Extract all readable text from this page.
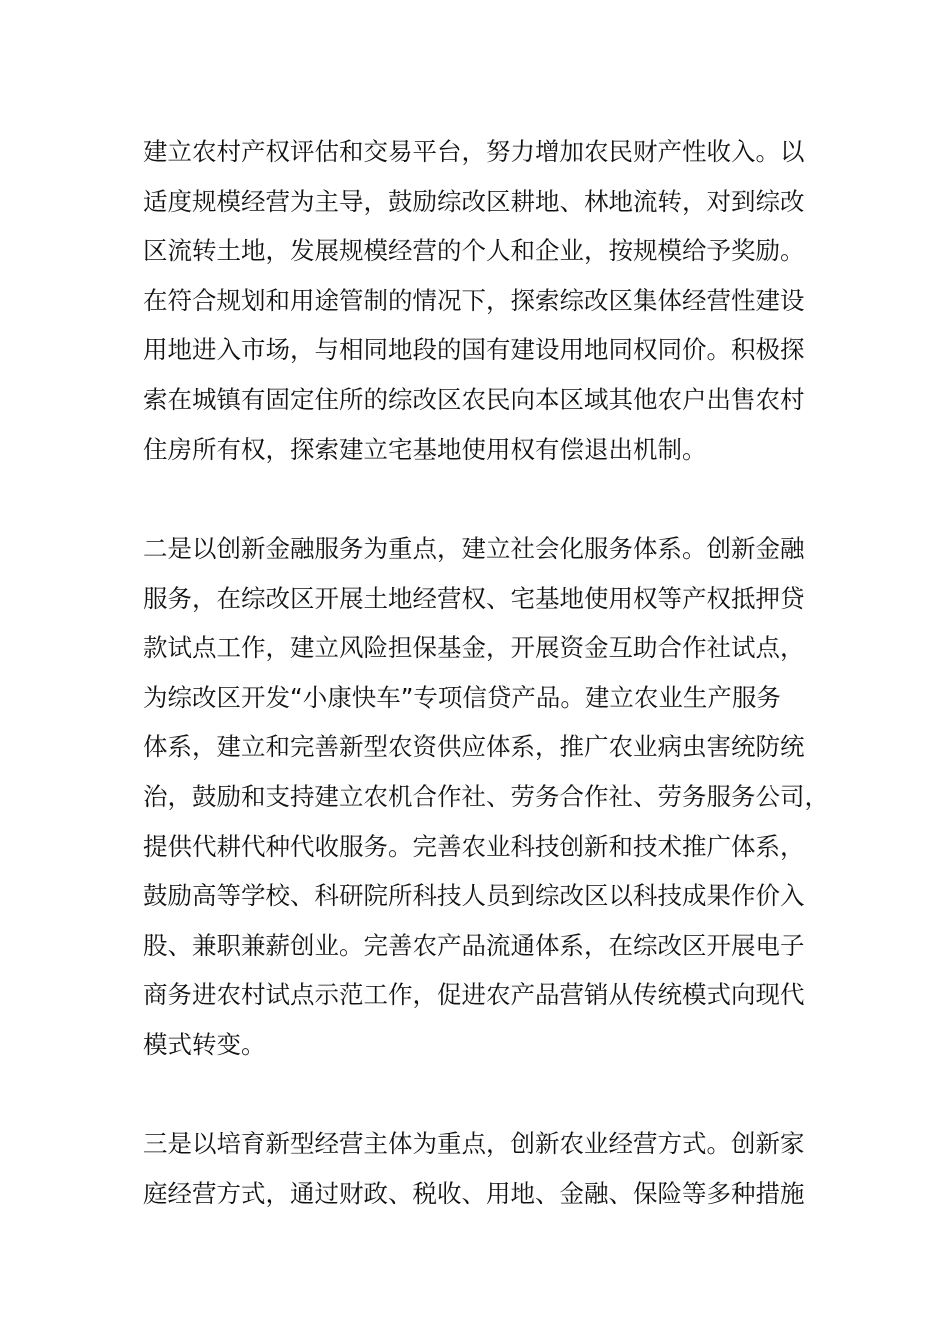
建立农村产权评估和交易平台，努力增加农民财产性收入。以
适度规模经营为主导，鼓励综改区耕地、林地流转，对到综改
区流转土地，发展规模经营的个人和企业，按规模给予奖励。
在符合规划和用途管制的情况下，探索综改区集体经营性建设
用地进入市场，与相同地段的国有建设用地同权同价。积极探
索在城镇有固定住所的综改区农民向本区域其他农户出售农村
住房所有权，探索建立宅基地使用权有偿退出机制。
二是以创新金融服务为重点，建立社会化服务体系。创新金融
服务，在综改区开展土地经营权、宅基地使用权等产权抵押贷
款试点工作，建立风险担保基金，开展资金互助合作社试点，
为综改区开发“小康快车”专项信贷产品。建立农业生产服务
体系，建立和完善新型农资供应体系，推广农业病虫害统防统
治，鼓励和支持建立农机合作社、劳务合作社、劳务服务公司，
提供代耕代种代收服务。完善农业科技创新和技术推广体系，
鼓励高等学校、科研院所科技人员到综改区以科技成果作价入
股、兼职兼薪创业。完善农产品流通体系，在综改区开展电子
商务进农村试点示范工作，促进农产品营销从传统模式向现代
模式转变。
三是以培育新型经营主体为重点，创新农业经营方式。创新家
庭经营方式，通过财政、税收、用地、金融、保险等多种措施
